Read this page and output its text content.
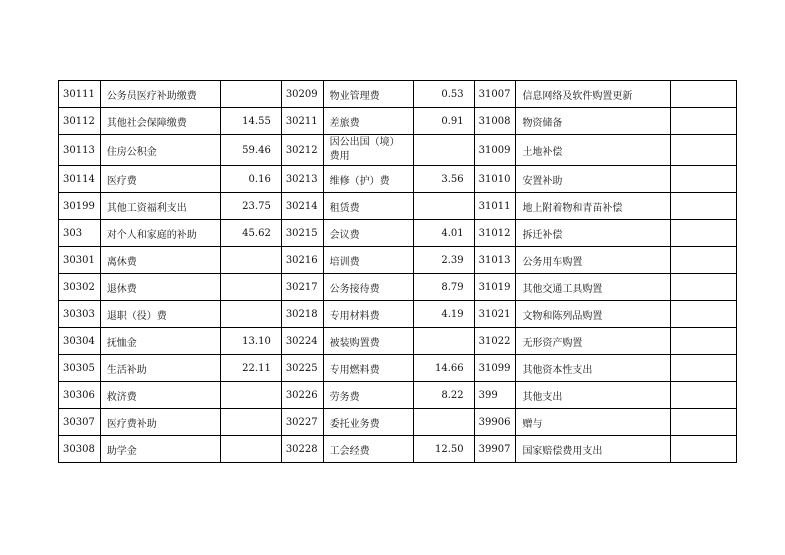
30111	公务员医疗补助缴费		30209	物业管理费	0.53	31007	信息网络及软件购置更新	
30112	其他社会保障缴费	14.55	30211	差旅费	0.91	31008	物资储备	
30113	住房公积金	59.46	30212	因公出国（境）费用		31009	土地补偿	
30114	医疗费	0.16	30213	维修（护）费	3.56	31010	安置补助	
30199	其他工资福利支出	23.75	30214	租赁费		31011	地上附着物和青苗补偿	
303	对个人和家庭的补助	45.62	30215	会议费	4.01	31012	拆迁补偿	
30301	离休费		30216	培训费	2.39	31013	公务用车购置	
30302	退休费		30217	公务接待费	8.79	31019	其他交通工具购置	
30303	退职（役）费		30218	专用材料费	4.19	31021	文物和陈列品购置	
30304	抚恤金	13.10	30224	被装购置费		31022	无形资产购置	
30305	生活补助	22.11	30225	专用燃料费	14.66	31099	其他资本性支出	
30306	救济费		30226	劳务费	8.22	399	其他支出	
30307	医疗费补助		30227	委托业务费		39906	赠与	
30308	助学金		30228	工会经费	12.50	39907	国家赔偿费用支出	
